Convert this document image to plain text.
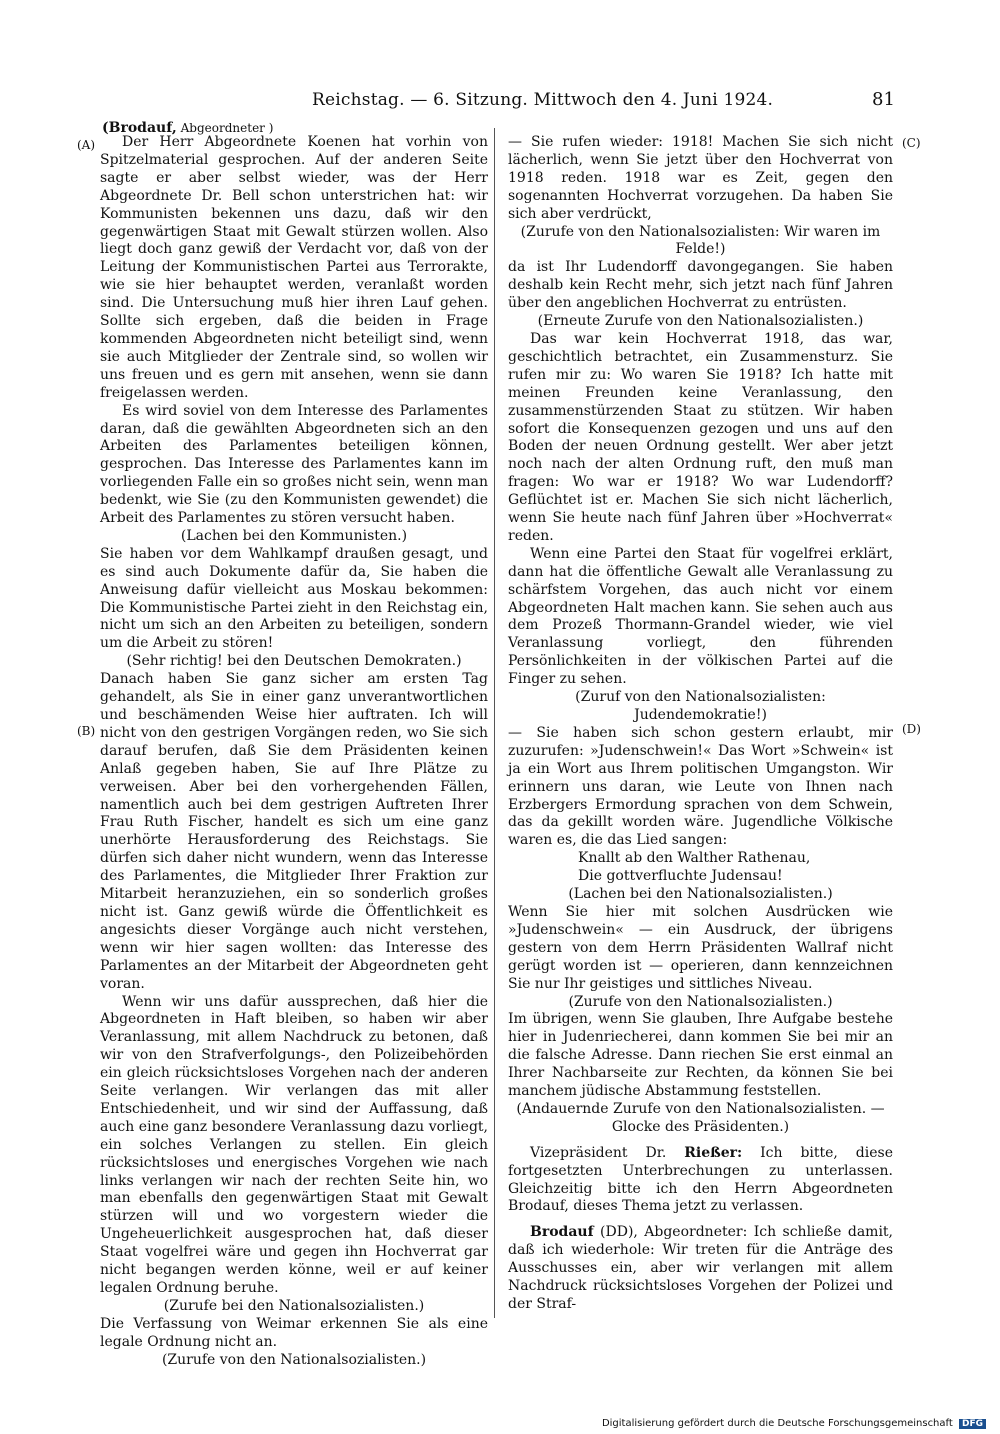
Reichstag. — 6. Sitzung. Mittwoch den 4. Juni 1924.	81
(Brodauf, Abgeordneter )
(A)
(B)
(C)
(D)

Der Herr Abgeordnete Koenen hat vorhin von Spitzelmaterial gesprochen. Auf der anderen Seite sagte er aber selbst wieder, was der Herr Abgeordnete Dr. Bell schon unterstrichen hat: wir Kommunisten bekennen uns dazu, daß wir den gegenwärtigen Staat mit Gewalt stürzen wollen. Also liegt doch ganz gewiß der Verdacht vor, daß von der Leitung der Kommunistischen Partei aus Terrorakte, wie sie hier behauptet werden, veranlaßt worden sind. Die Untersuchung muß hier ihren Lauf gehen. Sollte sich ergeben, daß die beiden in Frage kommenden Abgeordneten nicht beteiligt sind, wenn sie auch Mitglieder der Zentrale sind, so wollen wir uns freuen und es gern mit ansehen, wenn sie dann freigelassen werden.

Es wird soviel von dem Interesse des Parlamentes daran, daß die gewählten Abgeordneten sich an den Arbeiten des Parlamentes beteiligen können, gesprochen. Das Interesse des Parlamentes kann im vorliegenden Falle ein so großes nicht sein, wenn man bedenkt, wie Sie (zu den Kommunisten gewendet) die Arbeit des Parlamentes zu stören versucht haben.

(Lachen bei den Kommunisten.)

Sie haben vor dem Wahlkampf draußen gesagt, und es sind auch Dokumente dafür da, Sie haben die Anweisung dafür vielleicht aus Moskau bekommen: Die Kommunistische Partei zieht in den Reichstag ein, nicht um sich an den Arbeiten zu beteiligen, sondern um die Arbeit zu stören!

(Sehr richtig! bei den Deutschen Demokraten.)

Danach haben Sie ganz sicher am ersten Tag gehandelt, als Sie in einer ganz unverantwortlichen und beschämenden Weise hier auftraten. Ich will nicht von den gestrigen Vorgängen reden, wo Sie sich darauf berufen, daß Sie dem Präsidenten keinen Anlaß gegeben haben, Sie auf Ihre Plätze zu verweisen. Aber bei den vorhergehenden Fällen, namentlich auch bei dem gestrigen Auftreten Ihrer Frau Ruth Fischer, handelt es sich um eine ganz unerhörte Herausforderung des Reichstags. Sie dürfen sich daher nicht wundern, wenn das Interesse des Parlamentes, die Mitglieder Ihrer Fraktion zur Mitarbeit heranzuziehen, ein so sonderlich großes nicht ist. Ganz gewiß würde die Öffentlichkeit es angesichts dieser Vorgänge auch nicht verstehen, wenn wir hier sagen wollten: das Interesse des Parlamentes an der Mitarbeit der Abgeordneten geht voran.

Wenn wir uns dafür aussprechen, daß hier die Abgeordneten in Haft bleiben, so haben wir aber Veranlassung, mit allem Nachdruck zu betonen, daß wir von den Strafverfolgungs-, den Polizeibehörden ein gleich rücksichtsloses Vorgehen nach der anderen Seite verlangen. Wir verlangen das mit aller Entschiedenheit, und wir sind der Auffassung, daß auch eine ganz besondere Veranlassung dazu vorliegt, ein solches Verlangen zu stellen. Ein gleich rücksichtsloses und energisches Vorgehen wie nach links verlangen wir nach der rechten Seite hin, wo man ebenfalls den gegenwärtigen Staat mit Gewalt stürzen will und wo vorgestern wieder die Ungeheuerlichkeit ausgesprochen hat, daß dieser Staat vogelfrei wäre und gegen ihn Hochverrat gar nicht begangen werden könne, weil er auf keiner legalen Ordnung beruhe.

(Zurufe bei den Nationalsozialisten.)

Die Verfassung von Weimar erkennen Sie als eine legale Ordnung nicht an.

(Zurufe von den Nationalsozialisten.)

— Sie rufen wieder: 1918! Machen Sie sich nicht lächerlich, wenn Sie jetzt über den Hochverrat von 1918 reden. 1918 war es Zeit, gegen den sogenannten Hochverrat vorzugehen. Da haben Sie sich aber verdrückt,

(Zurufe von den Nationalsozialisten: Wir waren im Felde!)

da ist Ihr Ludendorff davongegangen. Sie haben deshalb kein Recht mehr, sich jetzt nach fünf Jahren über den angeblichen Hochverrat zu entrüsten.

(Erneute Zurufe von den Nationalsozialisten.)

Das war kein Hochverrat 1918, das war, geschichtlich betrachtet, ein Zusammensturz. Sie rufen mir zu: Wo waren Sie 1918? Ich hatte mit meinen Freunden keine Veranlassung, den zusammenstürzenden Staat zu stützen. Wir haben sofort die Konsequenzen gezogen und uns auf den Boden der neuen Ordnung gestellt. Wer aber jetzt noch nach der alten Ordnung ruft, den muß man fragen: Wo war er 1918? Wo war Ludendorff? Geflüchtet ist er. Machen Sie sich nicht lächerlich, wenn Sie heute nach fünf Jahren über »Hochverrat« reden.

Wenn eine Partei den Staat für vogelfrei erklärt, dann hat die öffentliche Gewalt alle Veranlassung zu schärfstem Vorgehen, das auch nicht vor einem Abgeordneten Halt machen kann. Sie sehen auch aus dem Prozeß Thormann-Grandel wieder, wie viel Veranlassung vorliegt, den führenden Persönlichkeiten in der völkischen Partei auf die Finger zu sehen.

(Zuruf von den Nationalsozialisten: Judendemokratie!)

— Sie haben sich schon gestern erlaubt, mir zuzurufen: »Judenschwein!« Das Wort »Schwein« ist ja ein Wort aus Ihrem politischen Umgangston. Wir erinnern uns daran, wie Leute von Ihnen nach Erzbergers Ermordung sprachen von dem Schwein, das da gekillt worden wäre. Jugendliche Völkische waren es, die das Lied sangen:

Knallt ab den Walther Rathenau,

Die gottverfluchte Judensau!

(Lachen bei den Nationalsozialisten.)

Wenn Sie hier mit solchen Ausdrücken wie »Judenschwein« — ein Ausdruck, der übrigens gestern von dem Herrn Präsidenten Wallraf nicht gerügt worden ist — operieren, dann kennzeichnen Sie nur Ihr geistiges und sittliches Niveau.

(Zurufe von den Nationalsozialisten.)

Im übrigen, wenn Sie glauben, Ihre Aufgabe bestehe hier in Judenriecherei, dann kommen Sie bei mir an die falsche Adresse. Dann riechen Sie erst einmal an Ihrer Nachbarseite zur Rechten, da können Sie bei manchem jüdische Abstammung feststellen.

(Andauernde Zurufe von den Nationalsozialisten. — Glocke des Präsidenten.)

Vizepräsident Dr. Rießer: Ich bitte, diese fortgesetzten Unterbrechungen zu unterlassen. Gleichzeitig bitte ich den Herrn Abgeordneten Brodauf, dieses Thema jetzt zu verlassen.

Brodauf (DD), Abgeordneter: Ich schließe damit, daß ich wiederhole: Wir treten für die Anträge des Ausschusses ein, aber wir verlangen mit allem Nachdruck rücksichtsloses Vorgehen der Polizei und der Straf-

Digitalisierung gefördert durch die Deutsche Forschungsgemeinschaft DFG
